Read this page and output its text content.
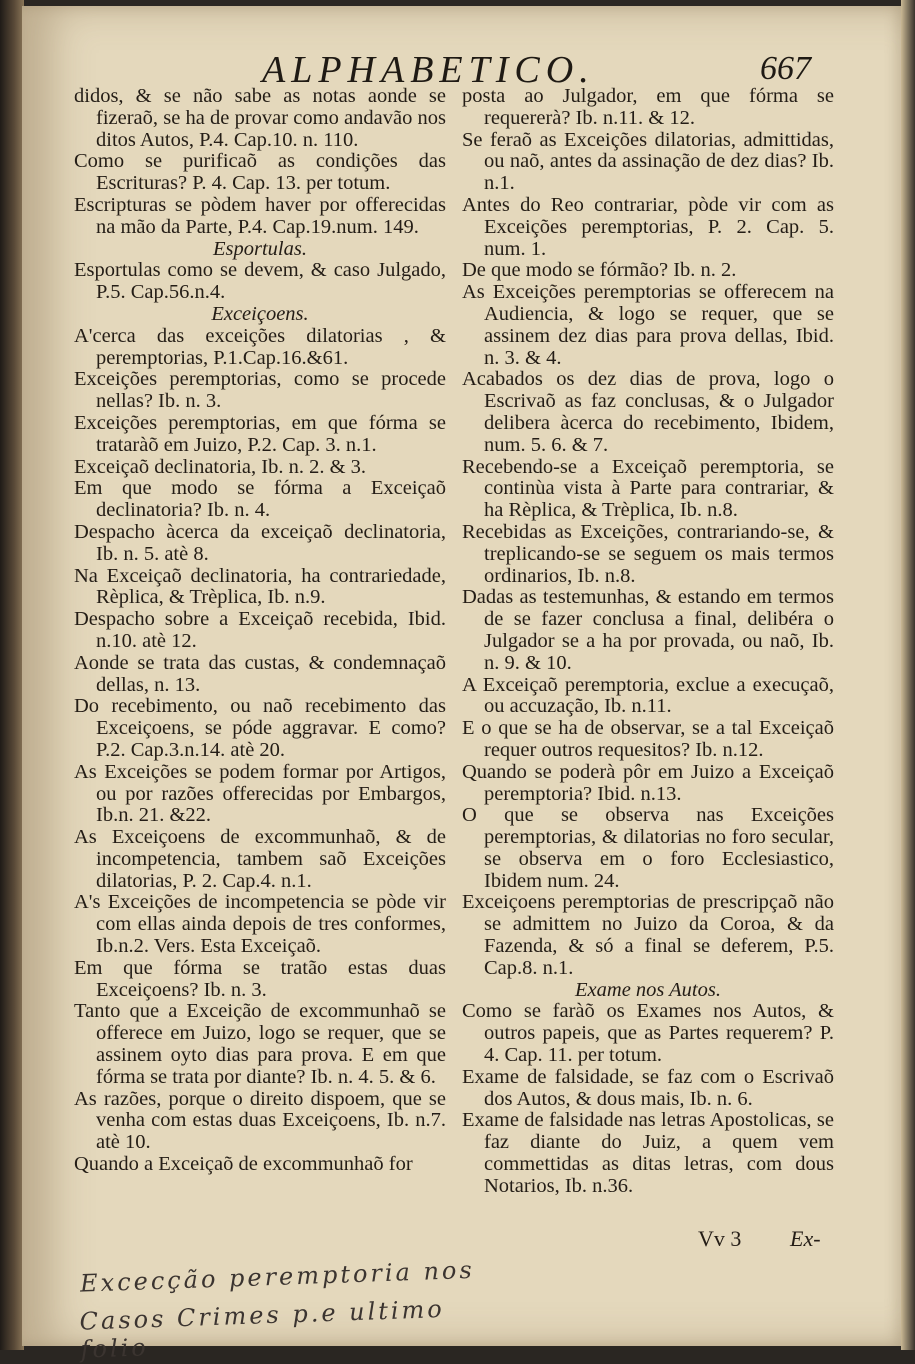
ALPHABETICO.	667

didos, & se não sabe as notas aonde se fizeraõ, se ha de provar como andavão nos ditos Autos, P.4. Cap.10. n. 110.

Como se purificaõ as condições das Escrituras? P. 4. Cap. 13. per totum.

Escripturas se pòdem haver por offerecidas na mão da Parte, P.4. Cap.19.num. 149.

Esportulas.

Esportulas como se devem, & caso Julgado, P.5. Cap.56.n.4.

Exceiçoens.

A'cerca das exceições dilatorias , & peremptorias, P.1.Cap.16.&61.

Exceições peremptorias, como se procede nellas? Ib. n. 3.

Exceições peremptorias, em que fórma se trataràõ em Juizo, P.2. Cap. 3. n.1.

Exceiçaõ declinatoria, Ib. n. 2. & 3.

Em que modo se fórma a Exceiçaõ declinatoria? Ib. n. 4.

Despacho àcerca da exceiçaõ declinatoria, Ib. n. 5. atè 8.

Na Exceiçaõ declinatoria, ha contrariedade, Rèplica, & Trèplica, Ib. n.9.

Despacho sobre a Exceiçaõ recebida, Ibid. n.10. atè 12.

Aonde se trata das custas, & condemnaçaõ dellas, n. 13.

Do recebimento, ou naõ recebimento das Exceiçoens, se póde aggravar. E como? P.2. Cap.3.n.14. atè 20.

As Exceições se podem formar por Artigos, ou por razões offerecidas por Embargos, Ib.n. 21. &22.

As Exceiçoens de excommunhaõ, & de incompetencia, tambem saõ Exceições dilatorias, P. 2. Cap.4. n.1.

A's Exceições de incompetencia se pòde vir com ellas ainda depois de tres conformes, Ib.n.2. Vers. Esta Exceiçaõ.

Em que fórma se tratão estas duas Exceiçoens? Ib. n. 3.

Tanto que a Exceição de excommunhaõ se offerece em Juizo, logo se requer, que se assinem oyto dias para prova. E em que fórma se trata por diante? Ib. n. 4. 5. & 6.

As razões, porque o direito dispoem, que se venha com estas duas Exceiçoens, Ib. n.7. atè 10.

Quando a Exceiçaõ de excommunhaõ for

posta ao Julgador, em que fórma se requererà? Ib. n.11. & 12.

Se feraõ as Exceições dilatorias, admittidas, ou naõ, antes da assinação de dez dias? Ib. n.1.

Antes do Reo contrariar, pòde vir com as Exceições peremptorias, P. 2. Cap. 5. num. 1.

De que modo se fórmão? Ib. n. 2.

As Exceições peremptorias se offerecem na Audiencia, & logo se requer, que se assinem dez dias para prova dellas, Ibid. n. 3. & 4.

Acabados os dez dias de prova, logo o Escrivaõ as faz conclusas, & o Julgador delibera àcerca do recebimento, Ibidem, num. 5. 6. & 7.

Recebendo-se a Exceiçaõ peremptoria, se continùa vista à Parte para contrariar, & ha Rèplica, & Trèplica, Ib. n.8.

Recebidas as Exceições, contrariando-se, & treplicando-se se seguem os mais termos ordinarios, Ib. n.8.

Dadas as testemunhas, & estando em termos de se fazer conclusa a final, delibéra o Julgador se a ha por provada, ou naõ, Ib. n. 9. & 10.

A Exceiçaõ peremptoria, exclue a execuçaõ, ou accuzação, Ib. n.11.

E o que se ha de observar, se a tal Exceiçaõ requer outros requesitos? Ib. n.12.

Quando se poderà pôr em Juizo a Exceiçaõ peremptoria? Ibid. n.13.

O que se observa nas Exceições peremptorias, & dilatorias no foro secular, se observa em o foro Ecclesiastico, Ibidem num. 24.

Exceiçoens peremptorias de prescripçaõ não se admittem no Juizo da Coroa, & da Fazenda, & só a final se deferem, P.5. Cap.8. n.1.

Exame nos Autos.

Como se faràõ os Exames nos Autos, & outros papeis, que as Partes requerem? P. 4. Cap. 11. per totum.

Exame de falsidade, se faz com o Escrivaõ dos Autos, & dous mais, Ib. n. 6.

Exame de falsidade nas letras Apostolicas, se faz diante do Juiz, a quem vem commettidas as ditas letras, com dous Notarios, Ib. n.36.

Vv 3 Ex-
Excecção peremptoria nos
Casos Crimes p.e ultimo folio
